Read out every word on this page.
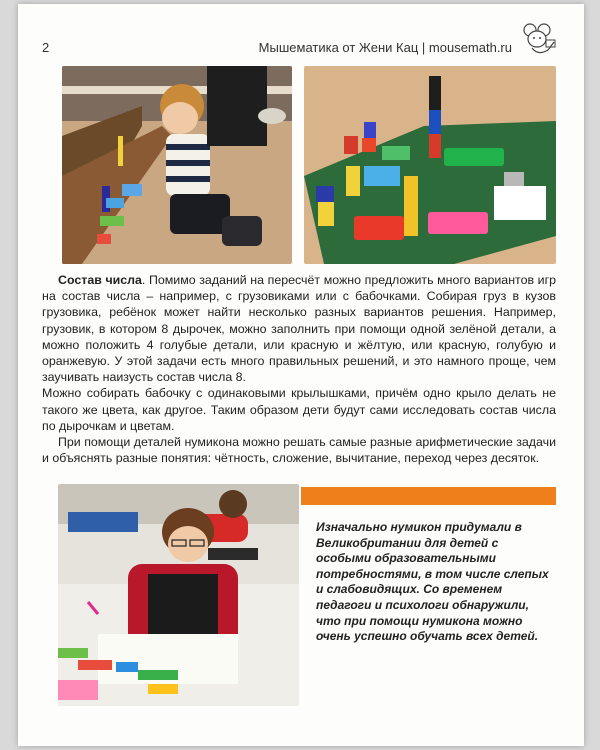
2	Мышематика от Жени Кац | mousemath.ru

Состав числа. Помимо заданий на пересчёт можно предложить много вариантов игр на состав числа – например, с грузовиками или с бабочками. Собирая груз в кузов грузовика, ребёнок может найти несколько разных вариантов решения. Например, грузовик, в котором 8 дырочек, можно заполнить при помощи одной зелёной детали, а можно положить 4 голубые детали, или красную и жёлтую, или красную, голубую и оранжевую. У этой задачи есть много правильных решений, и это намного проще, чем заучивать наизусть состав числа 8.

Можно собирать бабочку с одинаковыми крылышками, причём одно крыло делать не такого же цвета, как другое. Таким образом дети будут сами исследовать состав числа по дырочкам и цветам.

При помощи деталей нумикона можно решать самые разные арифметические задачи и объяснять разные понятия: чётность, сложение, вычитание, переход через десяток.

Изначально нумикон придумали в Великобритании для детей с особыми образовательными потребностями, в том числе слепых и слабовидящих. Со временем педагоги и психологи обнаружили, что при помощи нумикона можно очень успешно обучать всех детей.
